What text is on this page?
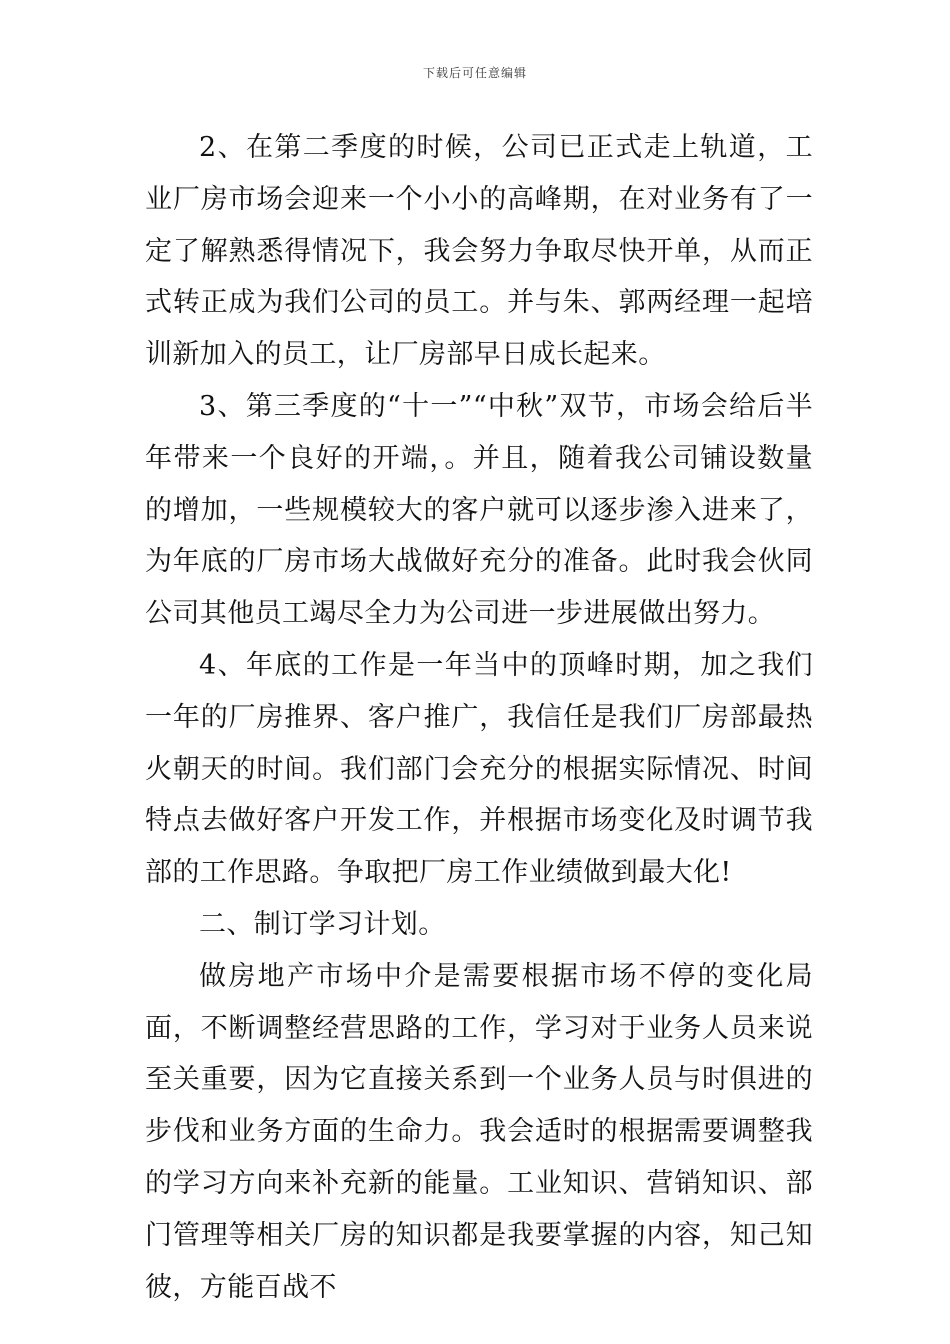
下载后可任意编辑

2、在第二季度的时候，公司已正式走上轨道，工业厂房市场会迎来一个小小的高峰期，在对业务有了一定了解熟悉得情况下，我会努力争取尽快开单，从而正式转正成为我们公司的员工。并与朱、郭两经理一起培训新加入的员工，让厂房部早日成长起来。

3、第三季度的“十一”“中秋”双节，市场会给后半年带来一个良好的开端，。并且，随着我公司铺设数量的增加，一些规模较大的客户就可以逐步渗入进来了，为年底的厂房市场大战做好充分的准备。此时我会伙同公司其他员工竭尽全力为公司进一步进展做出努力。

4、年底的工作是一年当中的顶峰时期，加之我们一年的厂房推界、客户推广，我信任是我们厂房部最热火朝天的时间。我们部门会充分的根据实际情况、时间特点去做好客户开发工作，并根据市场变化及时调节我部的工作思路。争取把厂房工作业绩做到最大化!

二、制订学习计划。

做房地产市场中介是需要根据市场不停的变化局面，不断调整经营思路的工作，学习对于业务人员来说至关重要，因为它直接关系到一个业务人员与时俱进的步伐和业务方面的生命力。我会适时的根据需要调整我的学习方向来补充新的能量。工业知识、营销知识、部门管理等相关厂房的知识都是我要掌握的内容，知己知彼，方能百战不
